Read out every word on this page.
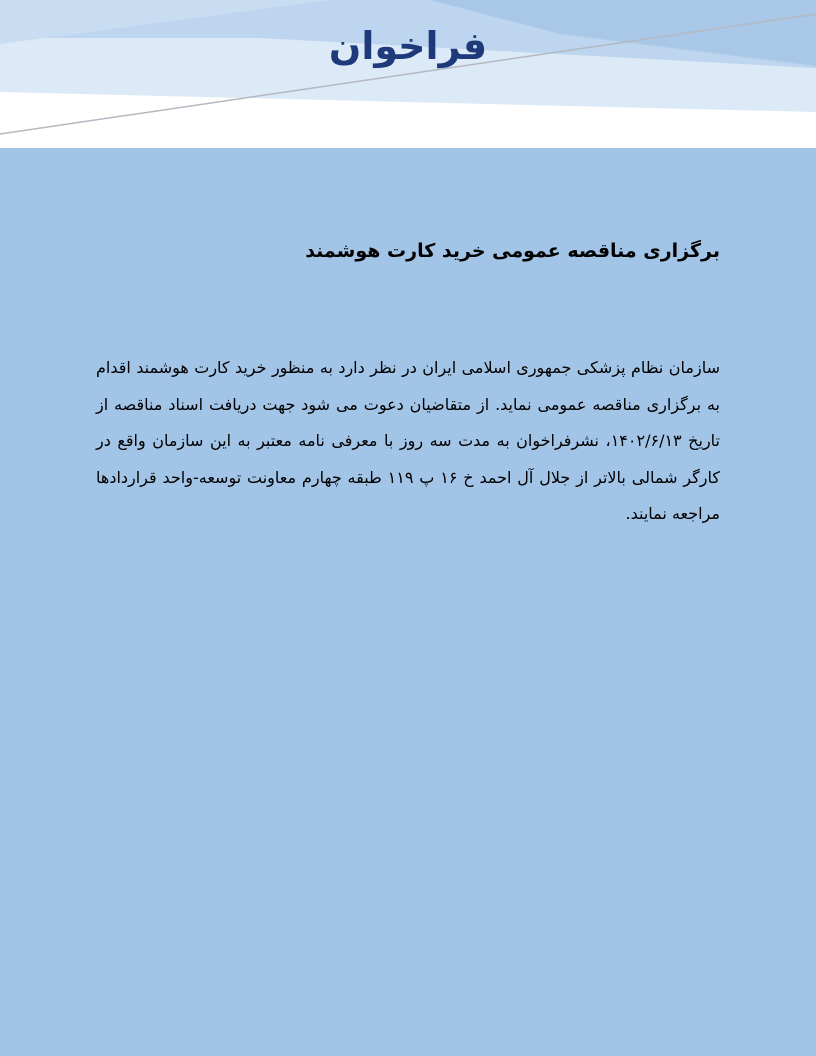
فراخوان
برگزاری مناقصه عمومی خرید کارت هوشمند

سازمان نظام پزشکی جمهوری اسلامی ایران در نظر دارد به منظور خرید کارت هوشمند اقدام به برگزاری مناقصه عمومی نماید. از متقاضیان دعوت می شود جهت دریافت اسناد مناقصه از تاریخ ۱۴۰۲/۶/۱۳، نشرفراخوان به مدت سه روز با معرفی نامه معتبر به این سازمان واقع در کارگر شمالی بالاتر از جلال آل احمد خ ۱۶ پ ۱۱۹ طبقه چهارم معاونت توسعه-واحد قراردادها مراجعه نمایند.
